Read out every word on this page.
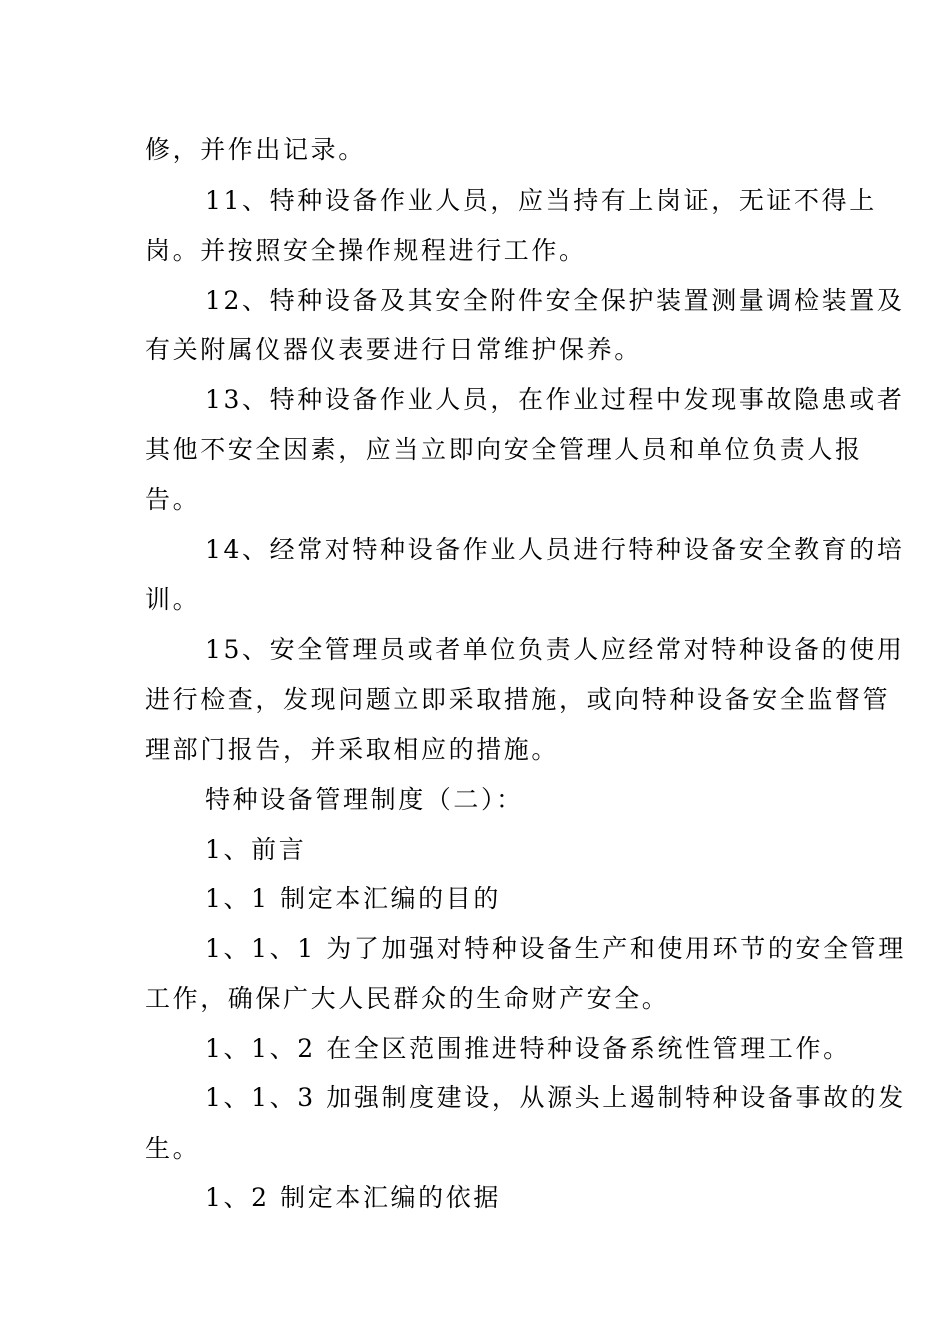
修，并作出记录。
11、特种设备作业人员，应当持有上岗证，无证不得上
岗。并按照安全操作规程进行工作。
12、特种设备及其安全附件安全保护装置测量调检装置及
有关附属仪器仪表要进行日常维护保养。
13、特种设备作业人员，在作业过程中发现事故隐患或者
其他不安全因素，应当立即向安全管理人员和单位负责人报
告。
14、经常对特种设备作业人员进行特种设备安全教育的培
训。
15、安全管理员或者单位负责人应经常对特种设备的使用
进行检查，发现问题立即采取措施，或向特种设备安全监督管
理部门报告，并采取相应的措施。
特种设备管理制度（二）：
1、前言
1、1 制定本汇编的目的
1、1、1 为了加强对特种设备生产和使用环节的安全管理
工作，确保广大人民群众的生命财产安全。
1、1、2 在全区范围推进特种设备系统性管理工作。
1、1、3 加强制度建设，从源头上遏制特种设备事故的发
生。
1、2 制定本汇编的依据
